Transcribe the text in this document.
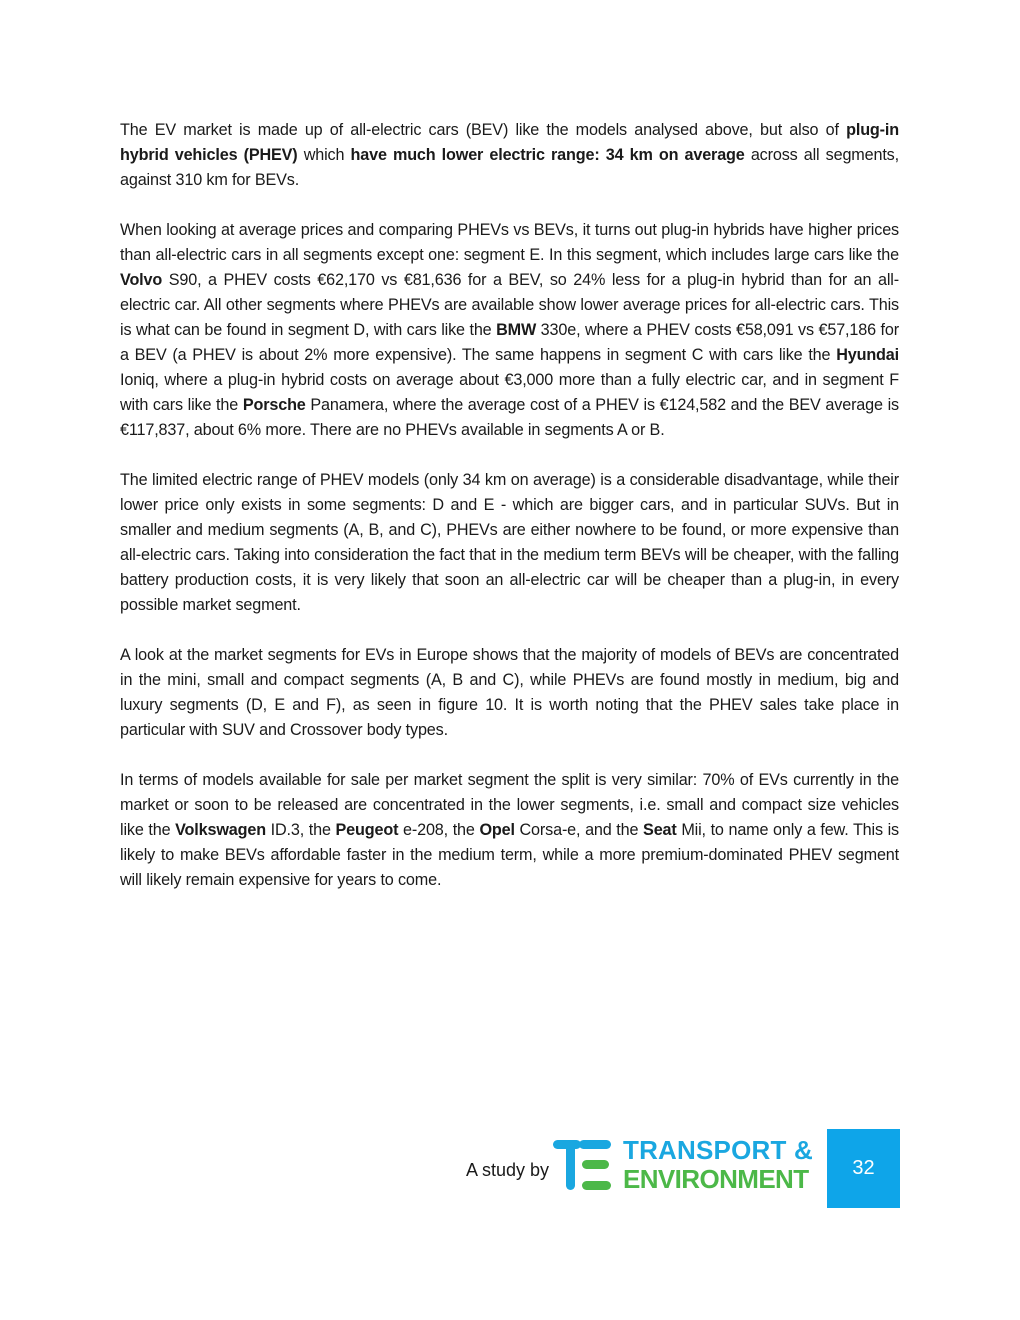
The EV market is made up of all-electric cars (BEV) like the models analysed above, but also of plug-in hybrid vehicles (PHEV) which have much lower electric range: 34 km on average across all segments, against 310 km for BEVs.

When looking at average prices and comparing PHEVs vs BEVs, it turns out plug-in hybrids have higher prices than all-electric cars in all segments except one: segment E. In this segment, which includes large cars like the Volvo S90, a PHEV costs €62,170 vs €81,636 for a BEV, so 24% less for a plug-in hybrid than for an all-electric car. All other segments where PHEVs are available show lower average prices for all-electric cars. This is what can be found in segment D, with cars like the BMW 330e, where a PHEV costs €58,091 vs €57,186 for a BEV (a PHEV is about 2% more expensive). The same happens in segment C with cars like the Hyundai Ioniq, where a plug-in hybrid costs on average about €3,000 more than a fully electric car, and in segment F with cars like the Porsche Panamera, where the average cost of a PHEV is €124,582 and the BEV average is €117,837, about 6% more. There are no PHEVs available in segments A or B.

The limited electric range of PHEV models (only 34 km on average) is a considerable disadvantage, while their lower price only exists in some segments: D and E - which are bigger cars, and in particular SUVs. But in smaller and medium segments (A, B, and C), PHEVs are either nowhere to be found, or more expensive than all-electric cars. Taking into consideration the fact that in the medium term BEVs will be cheaper, with the falling battery production costs, it is very likely that soon an all-electric car will be cheaper than a plug-in, in every possible market segment.

A look at the market segments for EVs in Europe shows that the majority of models of BEVs are concentrated in the mini, small and compact segments (A, B and C), while PHEVs are found mostly in medium, big and luxury segments (D, E and F), as seen in figure 10. It is worth noting that the PHEV sales take place in particular with SUV and Crossover body types.

In terms of models available for sale per market segment the split is very similar: 70% of EVs currently in the market or soon to be released are concentrated in the lower segments, i.e. small and compact size vehicles like the Volkswagen ID.3, the Peugeot e-208, the Opel Corsa-e, and the Seat Mii, to name only a few. This is likely to make BEVs affordable faster in the medium term, while a more premium-dominated PHEV segment will likely remain expensive for years to come.

A study by
TRANSPORT &
ENVIRONMENT	32
